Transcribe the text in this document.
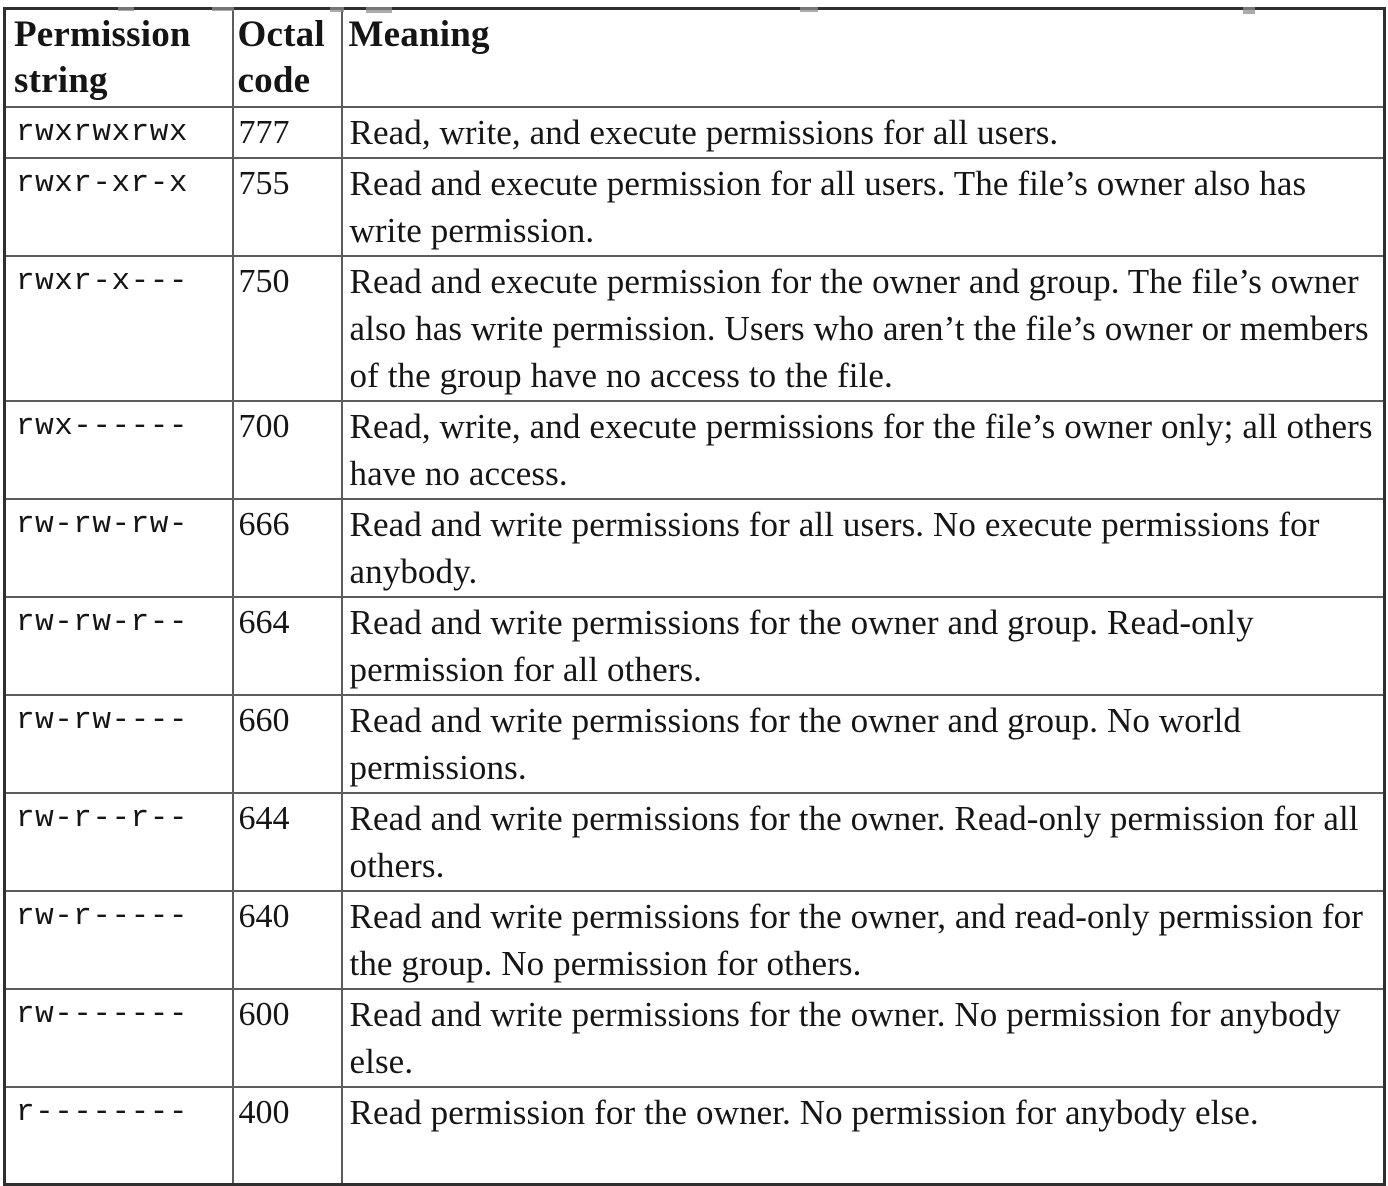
Permission string	Octal code	Meaning
rwxrwxrwx	777	Read, write, and execute permissions for all users.
rwxr-xr-x	755	Read and execute permission for all users. The file’s owner also has write permission.
rwxr-x---	750	Read and execute permission for the owner and group. The file’s owner also has write permission. Users who aren’t the file’s owner or members of the group have no access to the file.
rwx------	700	Read, write, and execute permissions for the file’s owner only; all others have no access.
rw-rw-rw-	666	Read and write permissions for all users. No execute permissions for anybody.
rw-rw-r--	664	Read and write permissions for the owner and group. Read-only permission for all others.
rw-rw----	660	Read and write permissions for the owner and group. No world permissions.
rw-r--r--	644	Read and write permissions for the owner. Read-only permission for all others.
rw-r-----	640	Read and write permissions for the owner, and read-only permission for the group. No permission for others.
rw-------	600	Read and write permissions for the owner. No permission for anybody else.
r--------	400	Read permission for the owner. No permission for anybody else.
